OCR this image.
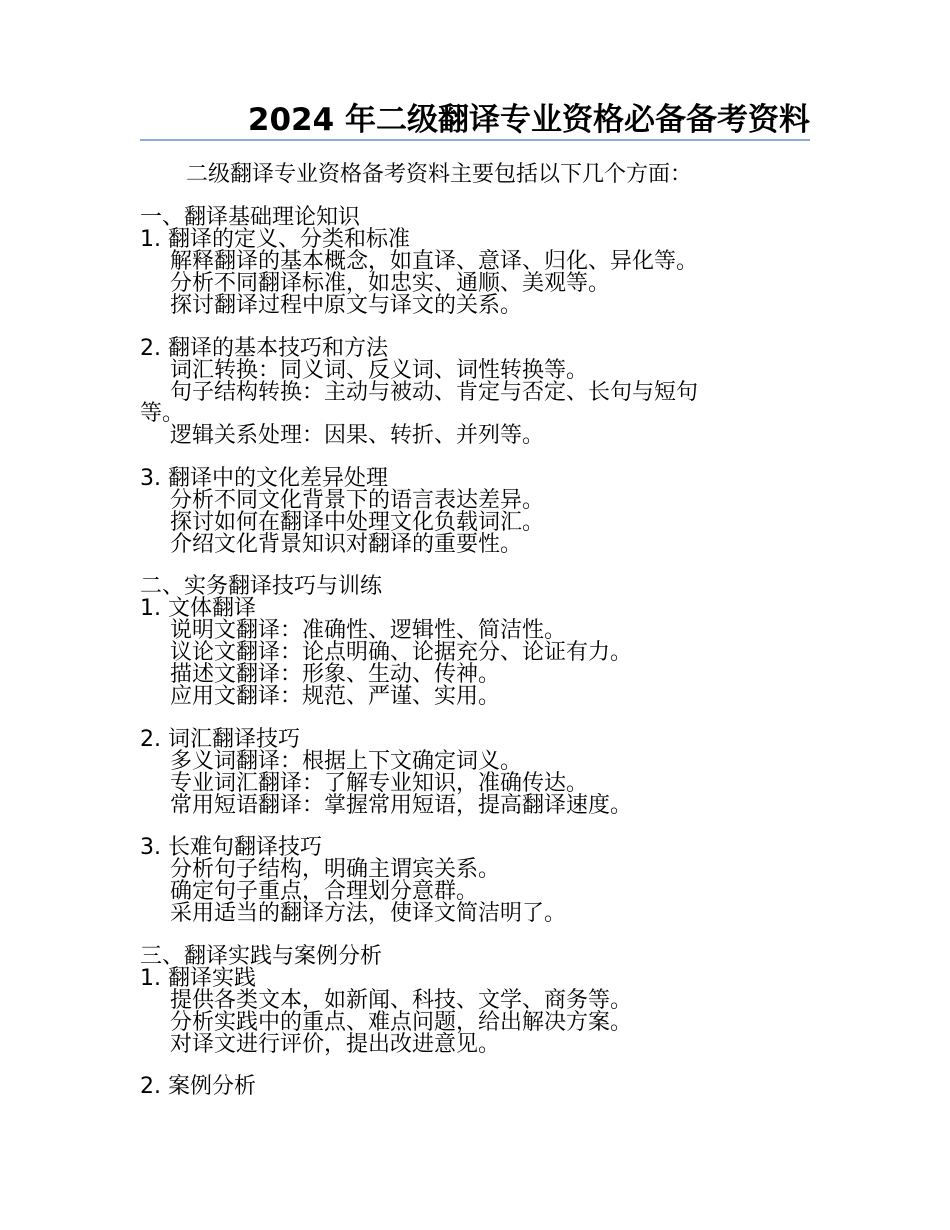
2024 年二级翻译专业资格必备备考资料
二级翻译专业资格备考资料主要包括以下几个方面：
一、翻译基础理论知识
1. 翻译的定义、分类和标准
解释翻译的基本概念，如直译、意译、归化、异化等。
分析不同翻译标准，如忠实、通顺、美观等。
探讨翻译过程中原文与译文的关系。
2. 翻译的基本技巧和方法
词汇转换：同义词、反义词、词性转换等。
句子结构转换：主动与被动、肯定与否定、长句与短句
等。
逻辑关系处理：因果、转折、并列等。
3. 翻译中的文化差异处理
分析不同文化背景下的语言表达差异。
探讨如何在翻译中处理文化负载词汇。
介绍文化背景知识对翻译的重要性。
二、实务翻译技巧与训练
1. 文体翻译
说明文翻译：准确性、逻辑性、简洁性。
议论文翻译：论点明确、论据充分、论证有力。
描述文翻译：形象、生动、传神。
应用文翻译：规范、严谨、实用。
2. 词汇翻译技巧
多义词翻译：根据上下文确定词义。
专业词汇翻译：了解专业知识，准确传达。
常用短语翻译：掌握常用短语，提高翻译速度。
3. 长难句翻译技巧
分析句子结构，明确主谓宾关系。
确定句子重点，合理划分意群。
采用适当的翻译方法，使译文简洁明了。
三、翻译实践与案例分析
1. 翻译实践
提供各类文本，如新闻、科技、文学、商务等。
分析实践中的重点、难点问题，给出解决方案。
对译文进行评价，提出改进意见。
2. 案例分析
